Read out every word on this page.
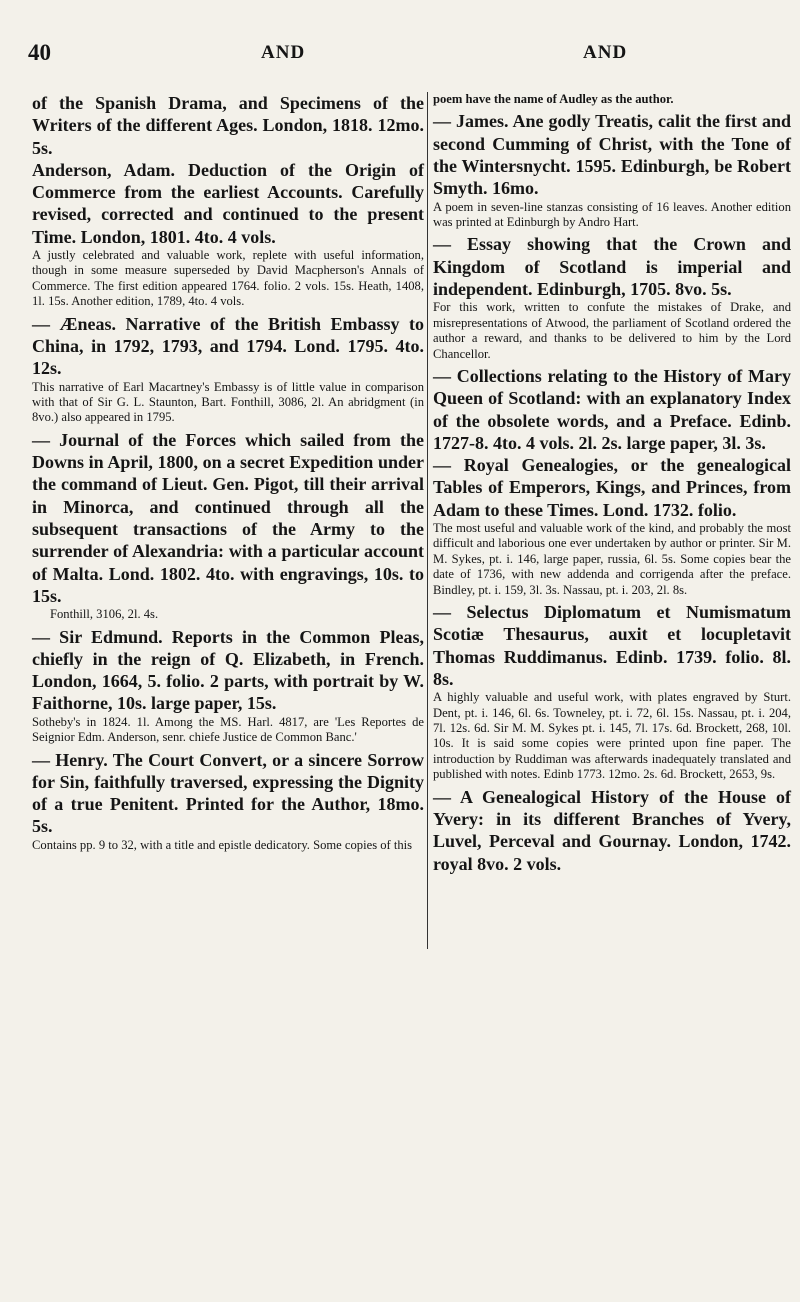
40	AND	AND

of the Spanish Drama, and Specimens of the Writers of the different Ages. London, 1818. 12mo. 5s.

Anderson, Adam. Deduction of the Origin of Commerce from the earliest Accounts. Carefully revised, corrected and continued to the present Time. London, 1801. 4to. 4 vols.

A justly celebrated and valuable work, replete with useful information, though in some measure superseded by David Macpherson's Annals of Commerce. The first edition appeared 1764. folio. 2 vols. 15s. Heath, 1408, 1l. 15s. Another edition, 1789, 4to. 4 vols.

— Æneas. Narrative of the British Embassy to China, in 1792, 1793, and 1794. Lond. 1795. 4to. 12s.

This narrative of Earl Macartney's Embassy is of little value in comparison with that of Sir G. L. Staunton, Bart. Fonthill, 3086, 2l. An abridgment (in 8vo.) also appeared in 1795.

— Journal of the Forces which sailed from the Downs in April, 1800, on a secret Expedition under the command of Lieut. Gen. Pigot, till their arrival in Minorca, and continued through all the subsequent transactions of the Army to the surrender of Alexandria: with a particular account of Malta. Lond. 1802. 4to. with engravings, 10s. to 15s.

Fonthill, 3106, 2l. 4s.

— Sir Edmund. Reports in the Common Pleas, chiefly in the reign of Q. Elizabeth, in French. London, 1664, 5. folio. 2 parts, with portrait by W. Faithorne, 10s. large paper, 15s.

Sotheby's in 1824. 1l. Among the MS. Harl. 4817, are 'Les Reportes de Seignior Edm. Anderson, senr. chiefe Justice de Common Banc.'

— Henry. The Court Convert, or a sincere Sorrow for Sin, faithfully traversed, expressing the Dignity of a true Penitent. Printed for the Author, 18mo. 5s.

Contains pp. 9 to 32, with a title and epistle dedicatory. Some copies of this

poem have the name of Audley as the author.

— James. Ane godly Treatis, calit the first and second Cumming of Christ, with the Tone of the Wintersnycht. 1595. Edinburgh, be Robert Smyth. 16mo.

A poem in seven-line stanzas consisting of 16 leaves. Another edition was printed at Edinburgh by Andro Hart.

— Essay showing that the Crown and Kingdom of Scotland is imperial and independent. Edinburgh, 1705. 8vo. 5s.

For this work, written to confute the mistakes of Drake, and misrepresentations of Atwood, the parliament of Scotland ordered the author a reward, and thanks to be delivered to him by the Lord Chancellor.

— Collections relating to the History of Mary Queen of Scotland: with an explanatory Index of the obsolete words, and a Preface. Edinb. 1727-8. 4to. 4 vols. 2l. 2s. large paper, 3l. 3s.

— Royal Genealogies, or the genealogical Tables of Emperors, Kings, and Princes, from Adam to these Times. Lond. 1732. folio.

The most useful and valuable work of the kind, and probably the most difficult and laborious one ever undertaken by author or printer. Sir M. M. Sykes, pt. i. 146, large paper, russia, 6l. 5s. Some copies bear the date of 1736, with new addenda and corrigenda after the preface. Bindley, pt. i. 159, 3l. 3s. Nassau, pt. i. 203, 2l. 8s.

— Selectus Diplomatum et Numismatum Scotiæ Thesaurus, auxit et locupletavit Thomas Ruddimanus. Edinb. 1739. folio. 8l. 8s.

A highly valuable and useful work, with plates engraved by Sturt. Dent, pt. i. 146, 6l. 6s. Towneley, pt. i. 72, 6l. 15s. Nassau, pt. i. 204, 7l. 12s. 6d. Sir M. M. Sykes pt. i. 145, 7l. 17s. 6d. Brockett, 268, 10l. 10s. It is said some copies were printed upon fine paper. The introduction by Ruddiman was afterwards inadequately translated and published with notes. Edinb 1773. 12mo. 2s. 6d. Brockett, 2653, 9s.

— A Genealogical History of the House of Yvery: in its different Branches of Yvery, Luvel, Perceval and Gournay. London, 1742. royal 8vo. 2 vols.
